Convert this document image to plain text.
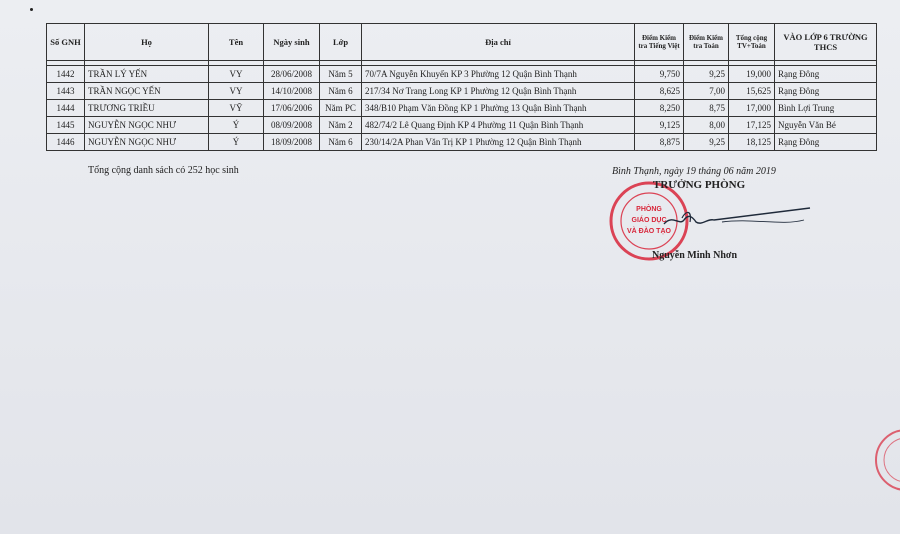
Số GNH	Họ	Tên	Ngày sinh	Lớp	Địa chỉ	Điểm Kiểm tra Tiếng Việt	Điểm Kiểm tra Toán	Tổng cộng TV+Toán	VÀO LỚP 6 TRƯỜNG THCS

1442	TRẦN LÝ YẾN	VY	28/06/2008	Năm 5	70/7A Nguyễn Khuyến KP 3 Phường 12 Quận Bình Thạnh	9,750	9,25	19,000	Rạng Đông
1443	TRẦN NGỌC YẾN	VY	14/10/2008	Năm 6	217/34 Nơ Trang Long KP 1 Phường 12 Quận Bình Thạnh	8,625	7,00	15,625	Rạng Đông
1444	TRƯƠNG TRIỀU	VỸ	17/06/2006	Năm PC	348/B10 Phạm Văn Đồng KP 1 Phường 13 Quận Bình Thạnh	8,250	8,75	17,000	Bình Lợi Trung
1445	NGUYỄN NGỌC NHƯ	Ý	08/09/2008	Năm 2	482/74/2 Lê Quang Định KP 4 Phường 11 Quận Bình Thạnh	9,125	8,00	17,125	Nguyễn Văn Bé
1446	NGUYỄN NGỌC NHƯ	Ý	18/09/2008	Năm 6	230/14/2A Phan Văn Trị KP 1 Phường 12 Quận Bình Thạnh	8,875	9,25	18,125	Rạng Đông
Tổng cộng danh sách có 252 học sinh	Bình Thạnh, ngày 19 tháng 06 năm 2019
PHÒNG
GIÁO DỤC
VÀ ĐÀO TẠO
TRƯỞNG PHÒNG
Nguyễn Minh Nhơn
